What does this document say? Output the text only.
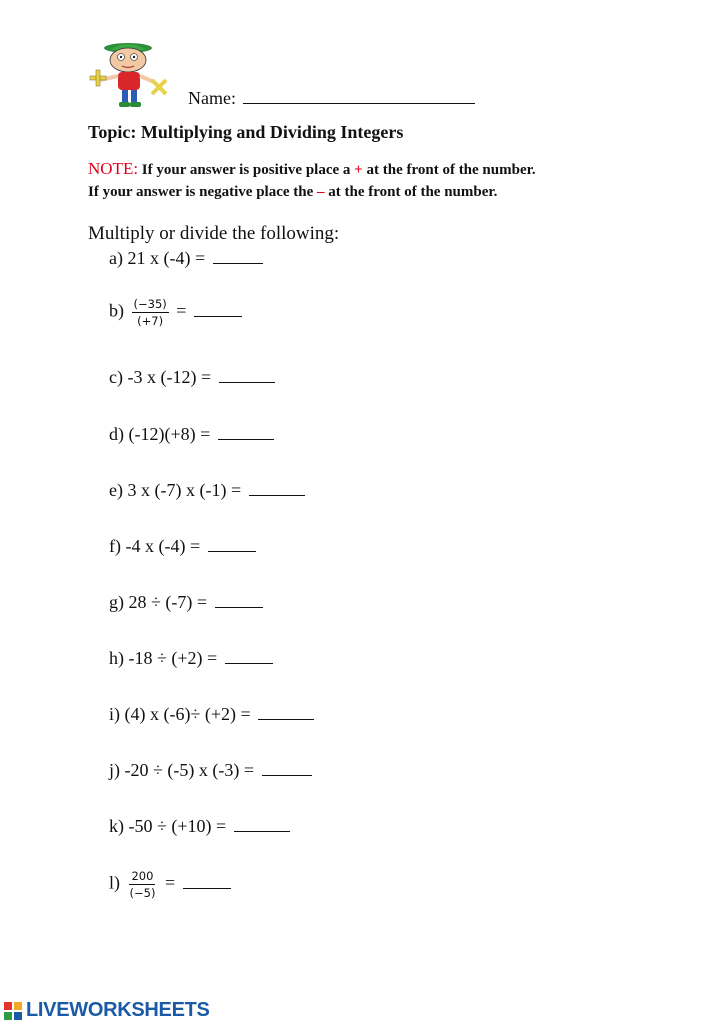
Name:
Topic: Multiplying and Dividing Integers
NOTE: If your answer is positive place a + at the front of the number.
If your answer is negative place the – at the front of the number.
Multiply or divide the following:
a) 21 x (-4) =
$b) \frac{(-35)}{(+7)}$ =
c) -3 x (-12) =
d) (-12)(+8) =
e) 3 x (-7) x (-1) =
f) -4 x (-4) =
g) 28 ÷ (-7) =
h) -18 ÷ (+2) =
i) (4) x (-6)÷ (+2) =
j) -20 ÷ (-5) x (-3) =
k) -50 ÷ (+10) =
$l) \frac{200}{(-5)}$ =
LIVEWORKSHEETS
